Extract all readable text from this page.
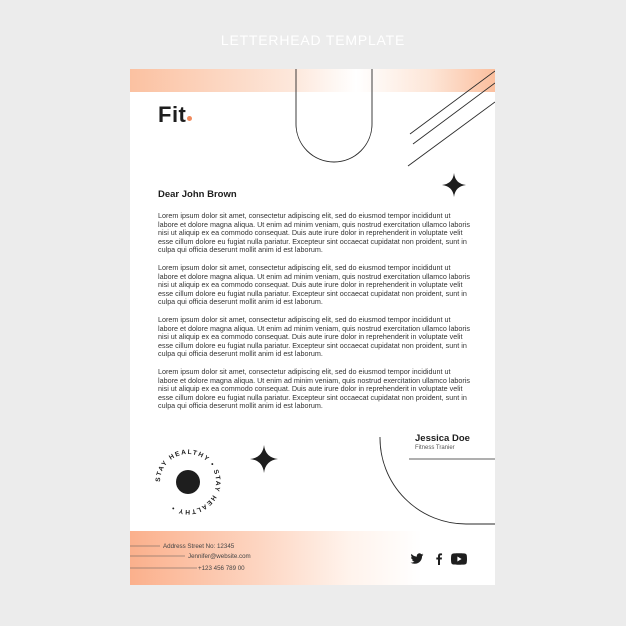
LETTERHEAD TEMPLATE
Fit
Dear John Brown

Lorem ipsum dolor sit amet, consectetur adipiscing elit, sed do eiusmod tempor incididunt ut labore et dolore magna aliqua. Ut enim ad minim veniam, quis nostrud exercitation ullamco laboris nisi ut aliquip ex ea commodo consequat. Duis aute irure dolor in reprehenderit in voluptate velit esse cillum dolore eu fugiat nulla pariatur. Excepteur sint occaecat cupidatat non proident, sunt in culpa qui officia deserunt mollit anim id est laborum.

Lorem ipsum dolor sit amet, consectetur adipiscing elit, sed do eiusmod tempor incididunt ut labore et dolore magna aliqua. Ut enim ad minim veniam, quis nostrud exercitation ullamco laboris nisi ut aliquip ex ea commodo consequat. Duis aute irure dolor in reprehenderit in voluptate velit esse cillum dolore eu fugiat nulla pariatur. Excepteur sint occaecat cupidatat non proident, sunt in culpa qui officia deserunt mollit anim id est laborum.

Lorem ipsum dolor sit amet, consectetur adipiscing elit, sed do eiusmod tempor incididunt ut labore et dolore magna aliqua. Ut enim ad minim veniam, quis nostrud exercitation ullamco laboris nisi ut aliquip ex ea commodo consequat. Duis aute irure dolor in reprehenderit in voluptate velit esse cillum dolore eu fugiat nulla pariatur. Excepteur sint occaecat cupidatat non proident, sunt in culpa qui officia deserunt mollit anim id est laborum.

Lorem ipsum dolor sit amet, consectetur adipiscing elit, sed do eiusmod tempor incididunt ut labore et dolore magna aliqua. Ut enim ad minim veniam, quis nostrud exercitation ullamco laboris nisi ut aliquip ex ea commodo consequat. Duis aute irure dolor in reprehenderit in voluptate velit esse cillum dolore eu fugiat nulla pariatur. Excepteur sint occaecat cupidatat non proident, sunt in culpa qui officia deserunt mollit anim id est laborum.

STAY HEALTHY • STAY HEALTHY •
Jessica Doe
Fitness Tranier
Address Street No: 12345
Jennifer@website.com
+123 456 789 00
